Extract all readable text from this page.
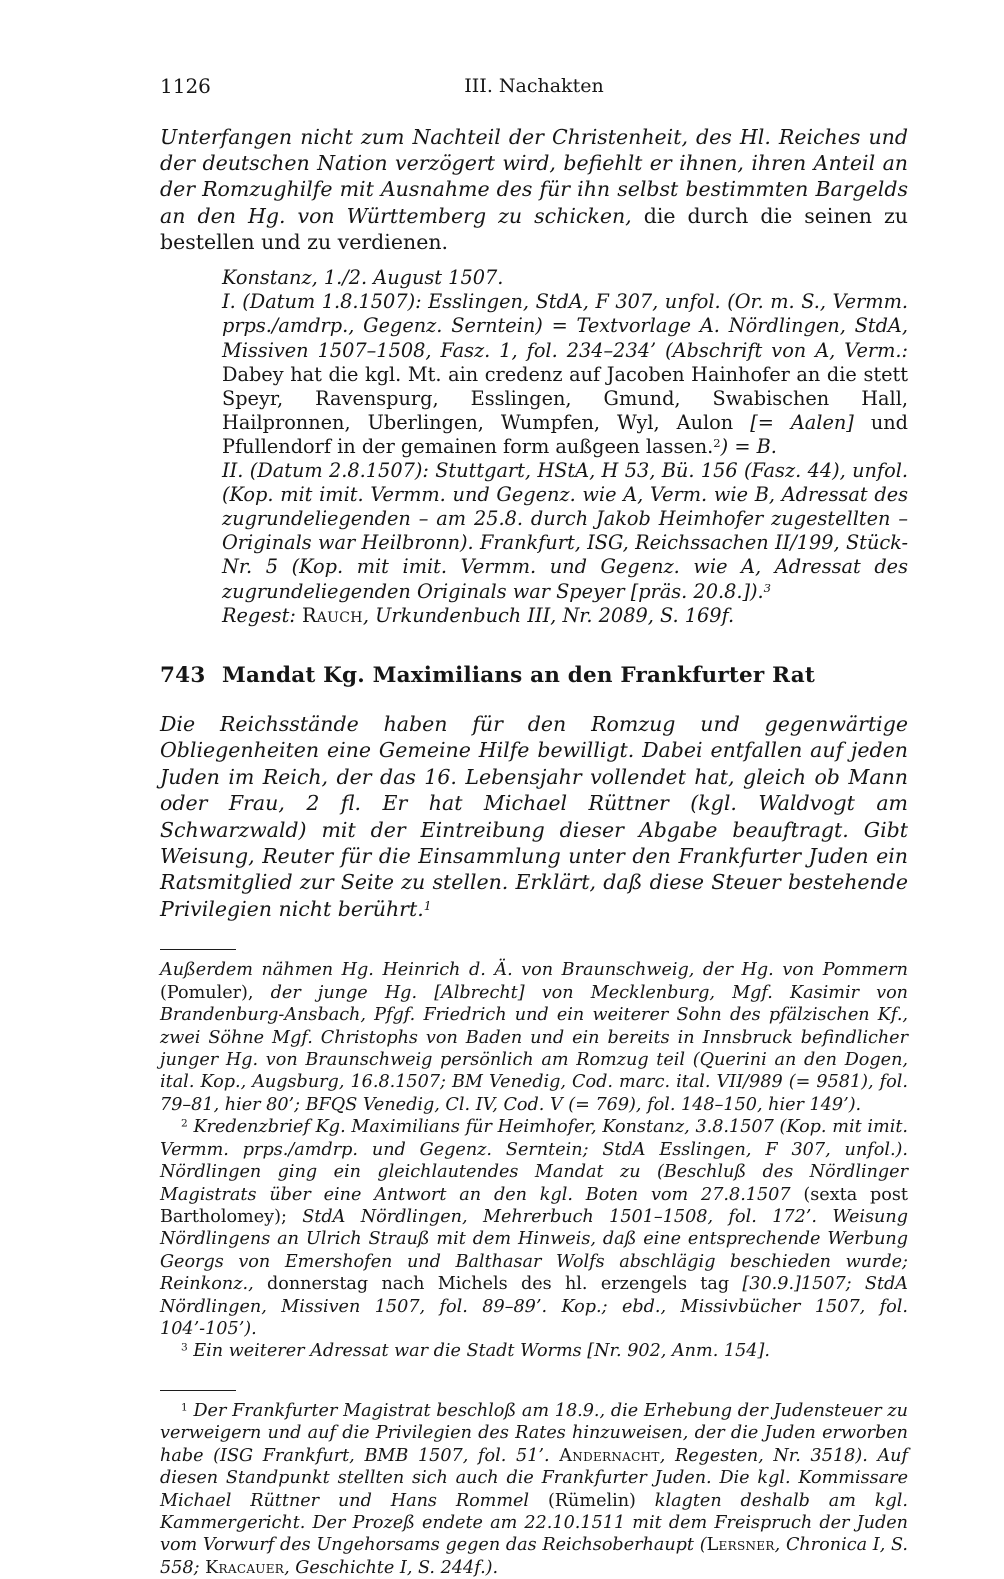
1126	III. Nachakten

Unterfangen nicht zum Nachteil der Christenheit, des Hl. Reiches und der deutschen Nation verzögert wird, befiehlt er ihnen, ihren Anteil an der Romzughilfe mit Ausnahme des für ihn selbst bestimmten Bargelds an den Hg. von Württemberg zu schicken, die durch die seinen zu bestellen und zu verdienen.

Konstanz, 1./2. August 1507.

I. (Datum 1.8.1507): Esslingen, StdA, F 307, unfol. (Or. m. S., Vermm. prps./amdrp., Gegenz. Serntein) = Textvorlage A. Nördlingen, StdA, Missiven 1507–1508, Fasz. 1, fol. 234–234’ (Abschrift von A, Verm.: Dabey hat die kgl. Mt. ain credenz auf Jacoben Hainhofer an die stett Speyr, Ravenspurg, Esslingen, Gmund, Swabischen Hall, Hailpronnen, Uberlingen, Wumpfen, Wyl, Aulon [= Aalen] und Pfullendorf in der gemainen form außgeen lassen.$^2$) = B.

II. (Datum 2.8.1507): Stuttgart, HStA, H 53, Bü. 156 (Fasz. 44), unfol. (Kop. mit imit. Vermm. und Gegenz. wie A, Verm. wie B, Adressat des zugrundeliegenden – am 25.8. durch Jakob Heimhofer zugestellten – Originals war Heilbronn). Frankfurt, ISG, Reichssachen II/199, Stück-Nr. 5 (Kop. mit imit. Vermm. und Gegenz. wie A, Adressat des zugrundeliegenden Originals war Speyer [präs. 20.8.]).$^3$

Regest: Rauch, Urkundenbuch III, Nr. 2089, S. 169f.

743 Mandat Kg. Maximilians an den Frankfurter Rat

Die Reichsstände haben für den Romzug und gegenwärtige Obliegenheiten eine Gemeine Hilfe bewilligt. Dabei entfallen auf jeden Juden im Reich, der das 16. Lebensjahr vollendet hat, gleich ob Mann oder Frau, 2 fl. Er hat Michael Rüttner (kgl. Waldvogt am Schwarzwald) mit der Eintreibung dieser Abgabe beauftragt. Gibt Weisung, Reuter für die Einsammlung unter den Frankfurter Juden ein Ratsmitglied zur Seite zu stellen. Erklärt, daß diese Steuer bestehende Privilegien nicht berührt.$^1$

Außerdem nähmen Hg. Heinrich d. Ä. von Braunschweig, der Hg. von Pommern (Pomuler), der junge Hg. [Albrecht] von Mecklenburg, Mgf. Kasimir von Brandenburg-Ansbach, Pfgf. Friedrich und ein weiterer Sohn des pfälzischen Kf., zwei Söhne Mgf. Christophs von Baden und ein bereits in Innsbruck befindlicher junger Hg. von Braunschweig persönlich am Romzug teil (Querini an den Dogen, ital. Kop., Augsburg, 16.8.1507; BM Venedig, Cod. marc. ital. VII/989 (= 9581), fol. 79–81, hier 80’; BFQS Venedig, Cl. IV, Cod. V (= 769), fol. 148–150, hier 149’).

$^2$ Kredenzbrief Kg. Maximilians für Heimhofer, Konstanz, 3.8.1507 (Kop. mit imit. Vermm. prps./amdrp. und Gegenz. Serntein; StdA Esslingen, F 307, unfol.). Nördlingen ging ein gleichlautendes Mandat zu (Beschluß des Nördlinger Magistrats über eine Antwort an den kgl. Boten vom 27.8.1507 (sexta post Bartholomey); StdA Nördlingen, Mehrerbuch 1501–1508, fol. 172’. Weisung Nördlingens an Ulrich Strauß mit dem Hinweis, daß eine entsprechende Werbung Georgs von Emershofen und Balthasar Wolfs abschlägig beschieden wurde; Reinkonz., donnerstag nach Michels des hl. erzengels tag [30.9.]1507; StdA Nördlingen, Missiven 1507, fol. 89–89’. Kop.; ebd., Missivbücher 1507, fol. 104’-105’).

$^3$ Ein weiterer Adressat war die Stadt Worms [Nr. 902, Anm. 154].

$^1$ Der Frankfurter Magistrat beschloß am 18.9., die Erhebung der Judensteuer zu verweigern und auf die Privilegien des Rates hinzuweisen, der die Juden erworben habe (ISG Frankfurt, BMB 1507, fol. 51’. Andernacht, Regesten, Nr. 3518). Auf diesen Standpunkt stellten sich auch die Frankfurter Juden. Die kgl. Kommissare Michael Rüttner und Hans Rommel (Rümelin) klagten deshalb am kgl. Kammergericht. Der Prozeß endete am 22.10.1511 mit dem Freispruch der Juden vom Vorwurf des Ungehorsams gegen das Reichsoberhaupt (Lersner, Chronica I, S. 558; Kracauer, Geschichte I, S. 244f.).
